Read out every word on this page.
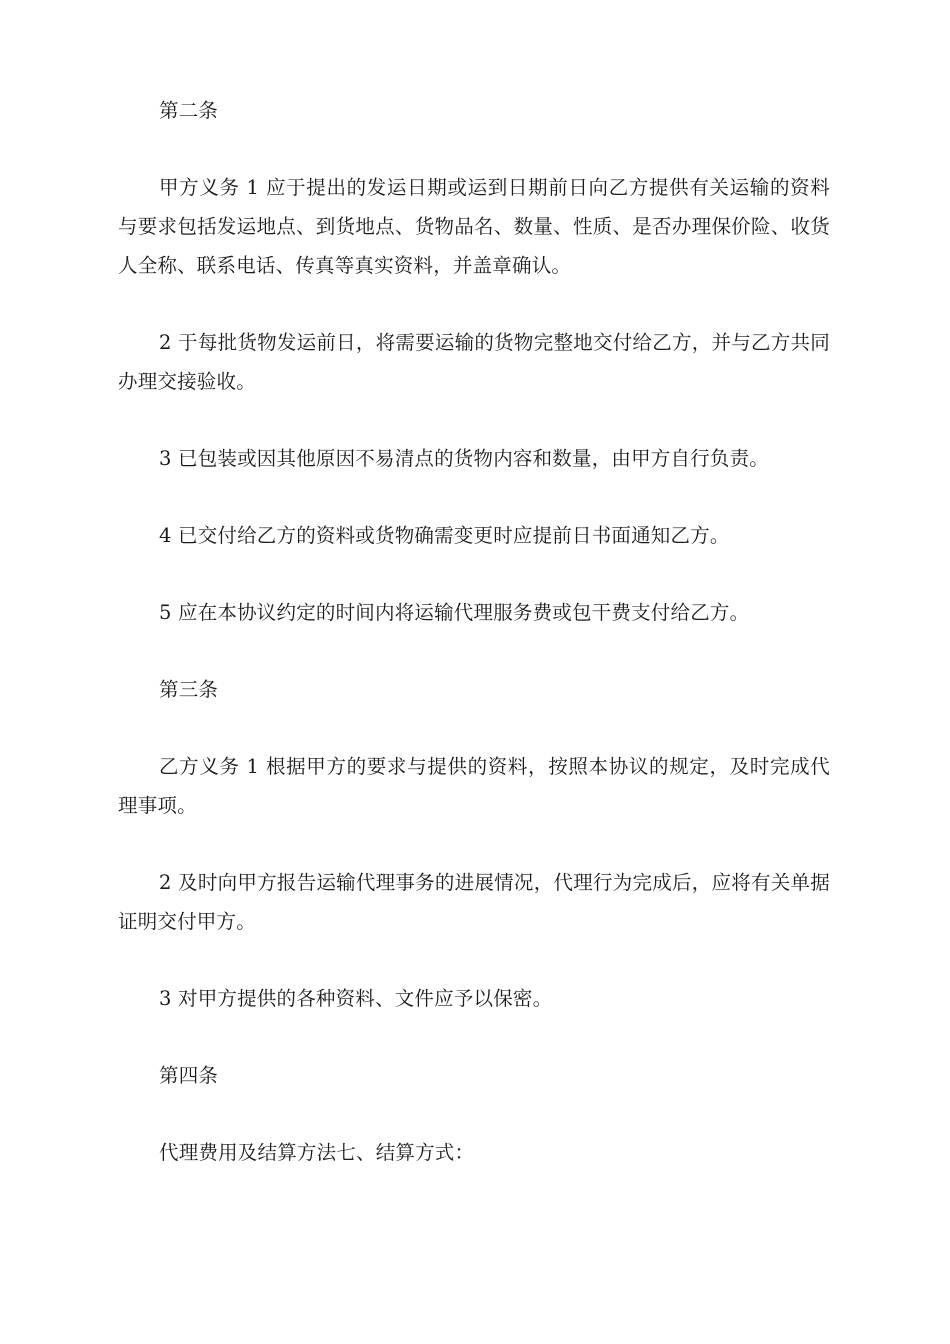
第二条

甲方义务 1 应于提出的发运日期或运到日期前日向乙方提供有关运输的资料与要求包括发运地点、到货地点、货物品名、数量、性质、是否办理保价险、收货人全称、联系电话、传真等真实资料，并盖章确认。

2 于每批货物发运前日，将需要运输的货物完整地交付给乙方，并与乙方共同办理交接验收。

3 已包装或因其他原因不易清点的货物内容和数量，由甲方自行负责。

4 已交付给乙方的资料或货物确需变更时应提前日书面通知乙方。

5 应在本协议约定的时间内将运输代理服务费或包干费支付给乙方。

第三条

乙方义务 1 根据甲方的要求与提供的资料，按照本协议的规定，及时完成代理事项。

2 及时向甲方报告运输代理事务的进展情况，代理行为完成后，应将有关单据证明交付甲方。

3 对甲方提供的各种资料、文件应予以保密。

第四条

代理费用及结算方法七、结算方式：
